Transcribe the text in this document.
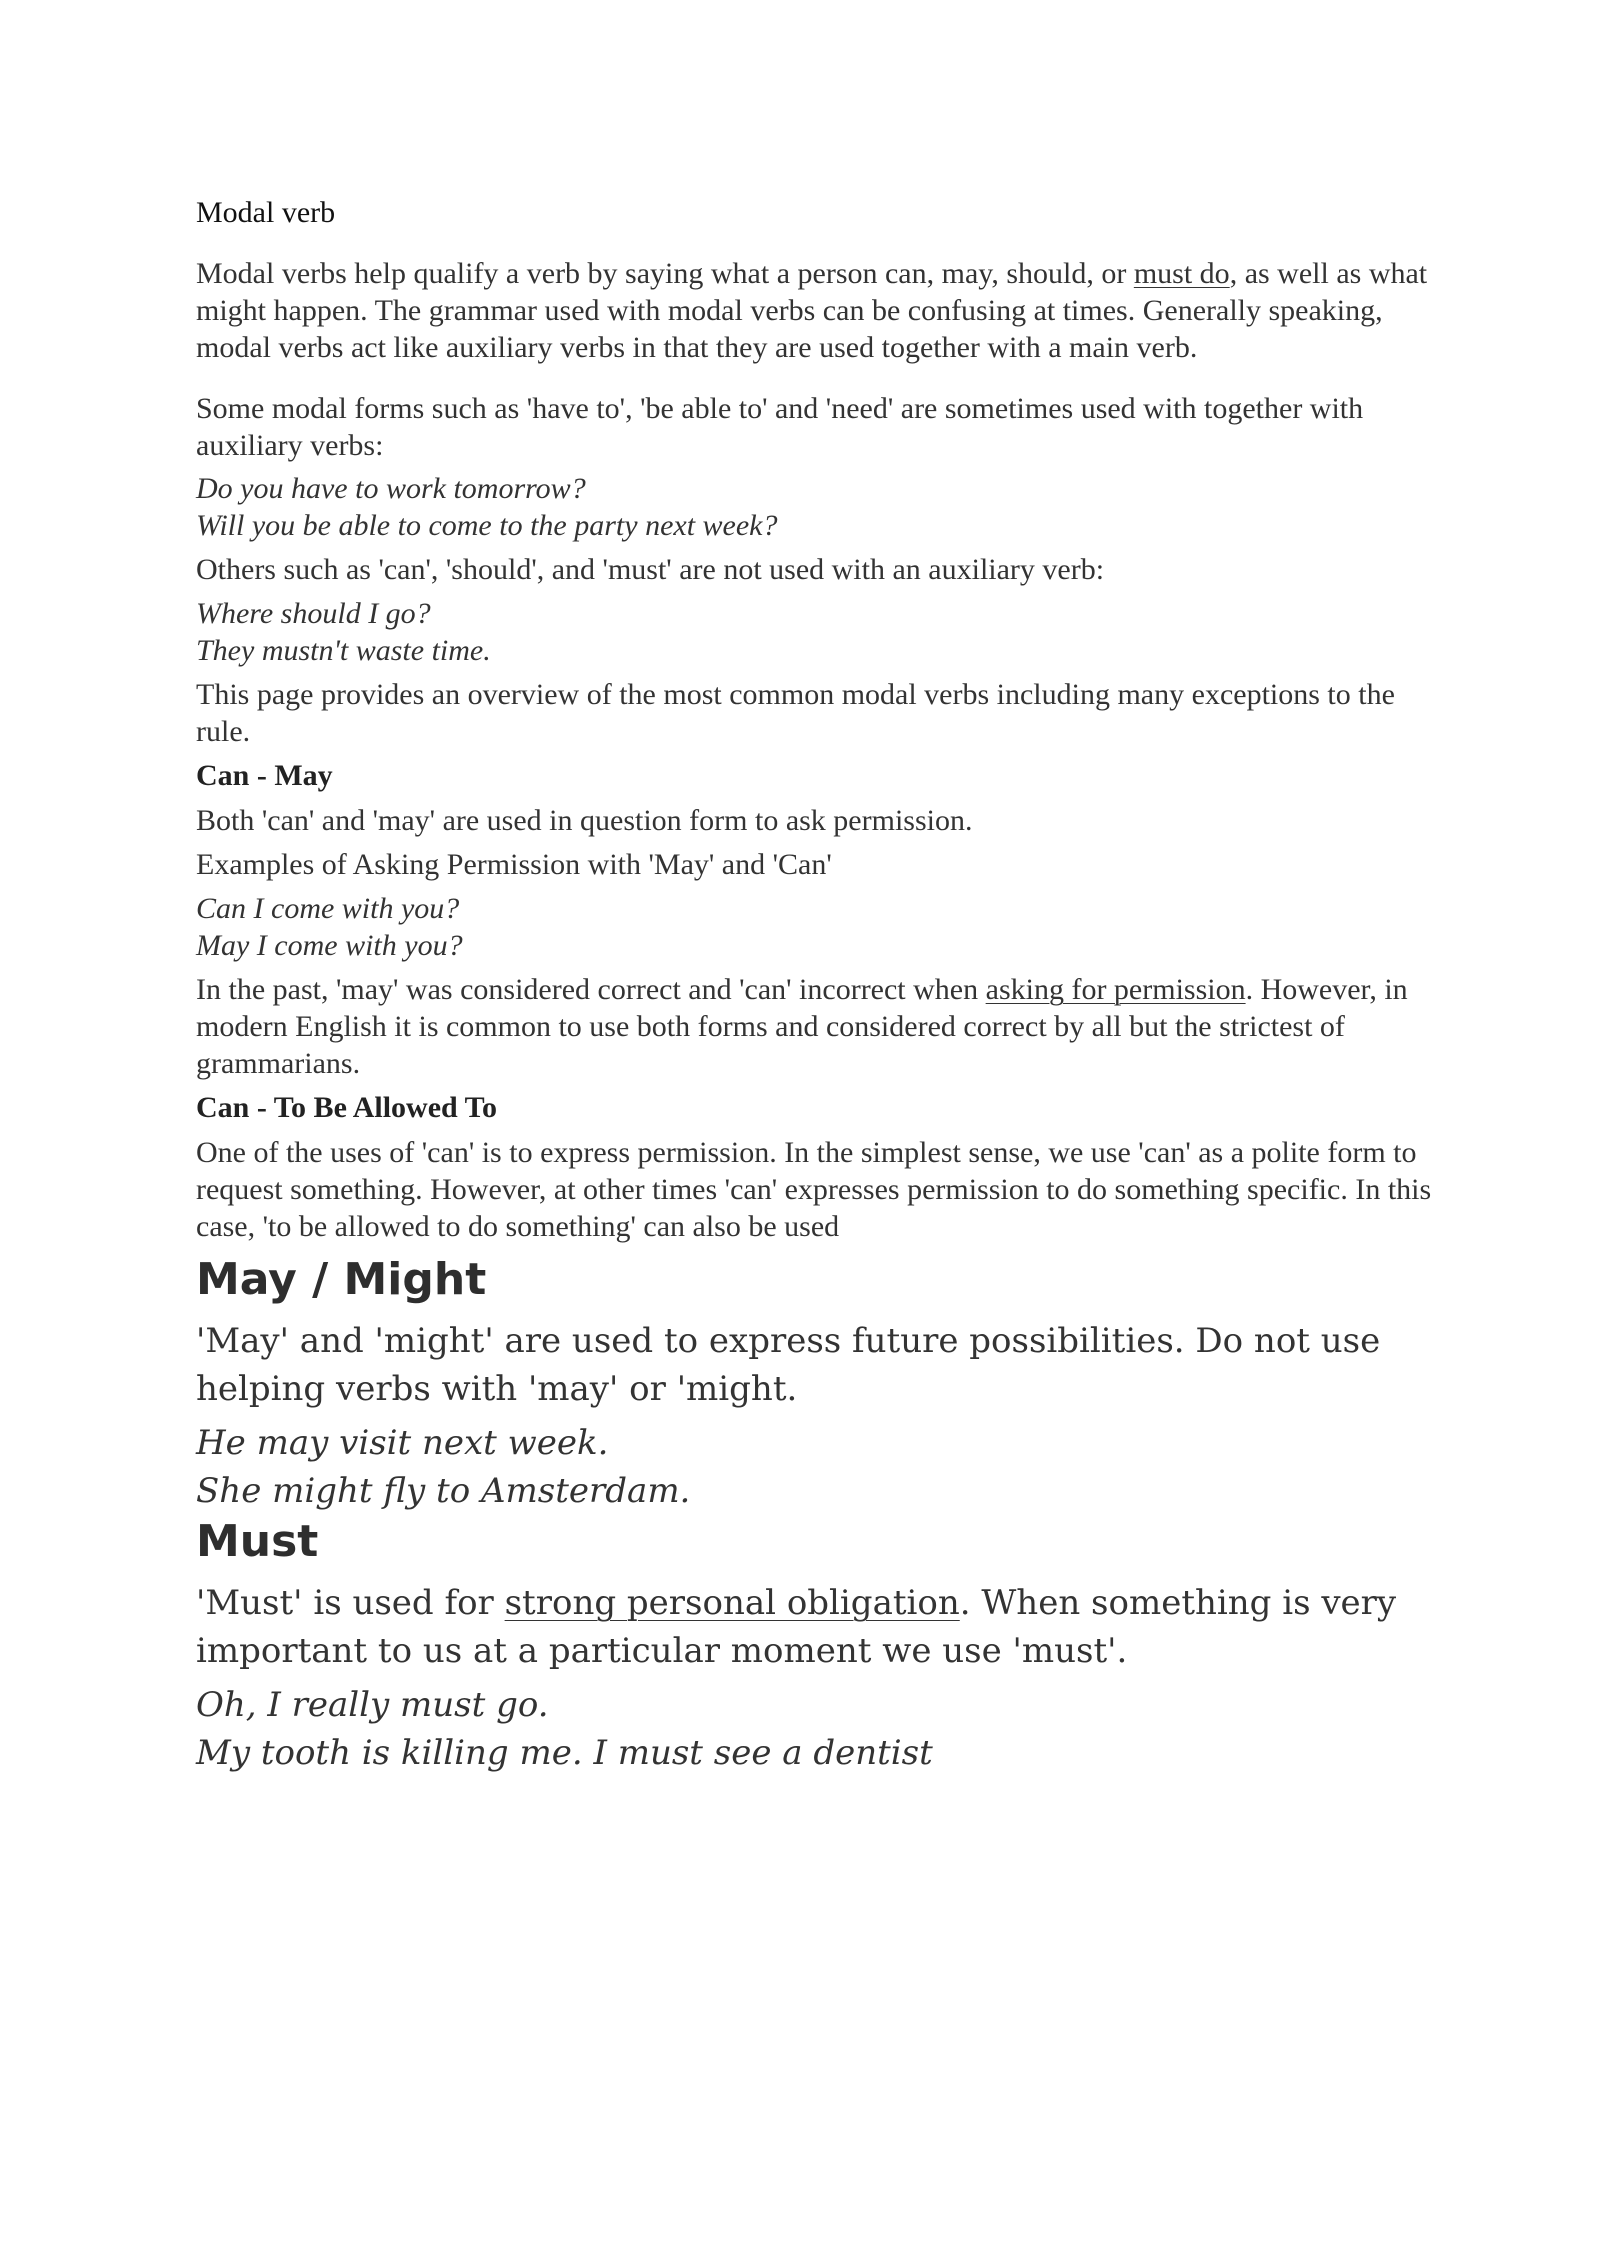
Modal verb

Modal verbs help qualify a verb by saying what a person can, may, should, or must do, as well as what might happen. The grammar used with modal verbs can be confusing at times. Generally speaking, modal verbs act like auxiliary verbs in that they are used together with a main verb.

Some modal forms such as 'have to', 'be able to' and 'need' are sometimes used with together with auxiliary verbs:

Do you have to work tomorrow?

Will you be able to come to the party next week?

Others such as 'can', 'should', and 'must' are not used with an auxiliary verb:

Where should I go?

They mustn't waste time.

This page provides an overview of the most common modal verbs including many exceptions to the rule.

Can - May

Both 'can' and 'may' are used in question form to ask permission.

Examples of Asking Permission with 'May' and 'Can'

Can I come with you?

May I come with you?

In the past, 'may' was considered correct and 'can' incorrect when asking for permission. However, in modern English it is common to use both forms and considered correct by all but the strictest of grammarians.

Can - To Be Allowed To

One of the uses of 'can' is to express permission. In the simplest sense, we use 'can' as a polite form to request something. However, at other times 'can' expresses permission to do something specific. In this case, 'to be allowed to do something' can also be used

May / Might

'May' and 'might' are used to express future possibilities. Do not use helping verbs with 'may' or 'might.

He may visit next week.

She might fly to Amsterdam.

Must

'Must' is used for strong personal obligation. When something is very important to us at a particular moment we use 'must'.

Oh, I really must go.

My tooth is killing me. I must see a dentist
